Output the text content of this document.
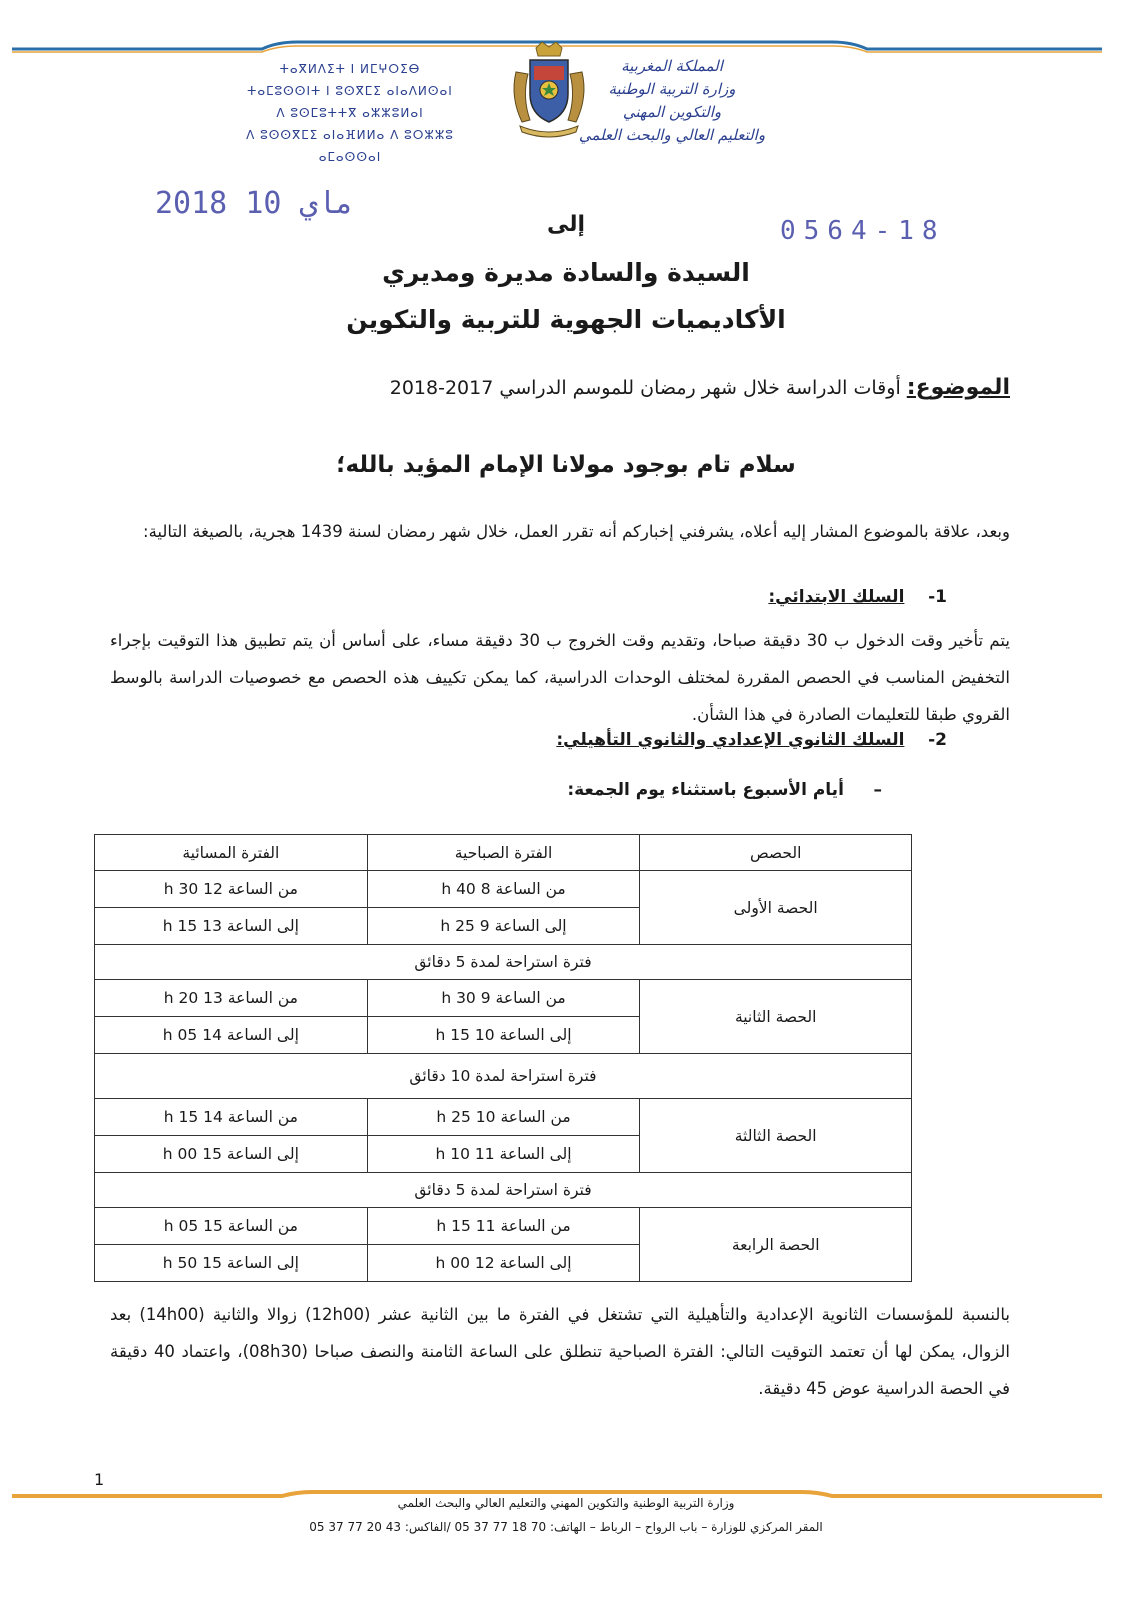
المملكة المغربية
وزارة التربية الوطنية
والتكوين المهني
والتعليم العالي والبحث العلمي
ⵜⴰⴳⵍⴷⵉⵜ ⵏ ⵍⵎⵖⵔⵉⴱ
ⵜⴰⵎⵓⵙⵙⵏⵜ ⵏ ⵓⵙⴳⵎⵉ ⴰⵏⴰⴷⵍⵙⴰⵏ
ⴷ ⵓⵙⵎⵓⵜⵜⴳ ⴰⵣⵣⵓⵍⴰⵏ
ⴷ ⵓⵙⵙⴳⵎⵉ ⴰⵏⴰⴼⵍⵍⴰ ⴷ ⵓⵔⵣⵣⵓ ⴰⵎⴰⵙⵙⴰⵏ
2018 ماي 10
0564-18
إلى
السيدة والسادة مديرة ومديري
الأكاديميات الجهوية للتربية والتكوين
الموضوع: أوقات الدراسة خلال شهر رمضان للموسم الدراسي 2017-2018
سلام تام بوجود مولانا الإمام المؤيد بالله؛
وبعد، علاقة بالموضوع المشار إليه أعلاه، يشرفني إخباركم أنه تقرر العمل، خلال شهر رمضان لسنة 1439 هجرية، بالصيغة التالية:
1-    السلك الابتدائي:
يتم تأخير وقت الدخول ب 30 دقيقة صباحا، وتقديم وقت الخروج ب 30 دقيقة مساء، على أساس أن يتم تطبيق هذا التوقيت بإجراء التخفيض المناسب في الحصص المقررة لمختلف الوحدات الدراسية، كما يمكن تكييف هذه الحصص مع خصوصيات الدراسة بالوسط القروي طبقا للتعليمات الصادرة في هذا الشأن.
2-    السلك الثانوي الإعدادي والثانوي التأهيلي:
–     أيام الأسبوع باستثناء يوم الجمعة:
الحصص	الفترة الصباحية	الفترة المسائية
الحصة الأولى	من الساعة 8 h 40	من الساعة 12 h 30
	إلى الساعة 9 h 25	إلى الساعة 13 h 15
فترة استراحة لمدة 5 دقائق		
الحصة الثانية	من الساعة 9 h 30	من الساعة 13 h 20
	إلى الساعة 10 h 15	إلى الساعة 14 h 05
فترة استراحة لمدة 10 دقائق		
الحصة الثالثة	من الساعة 10 h 25	من الساعة 14 h 15
	إلى الساعة 11 h 10	إلى الساعة 15 h 00
فترة استراحة لمدة 5 دقائق		
الحصة الرابعة	من الساعة 11 h 15	من الساعة 15 h 05
	إلى الساعة 12 h 00	إلى الساعة 15 h 50
بالنسبة للمؤسسات الثانوية الإعدادية والتأهيلية التي تشتغل في الفترة ما بين الثانية عشر (12h00) زوالا والثانية (14h00) بعد الزوال، يمكن لها أن تعتمد التوقيت التالي: الفترة الصباحية تنطلق على الساعة الثامنة والنصف صباحا (08h30)، واعتماد 40 دقيقة في الحصة الدراسية عوض 45 دقيقة.
1
وزارة التربية الوطنية والتكوين المهني والتعليم العالي والبحث العلمي
المقر المركزي للوزارة – باب الرواح – الرباط – الهاتف: 70 18 77 37 05 /الفاكس: 43 20 77 37 05
